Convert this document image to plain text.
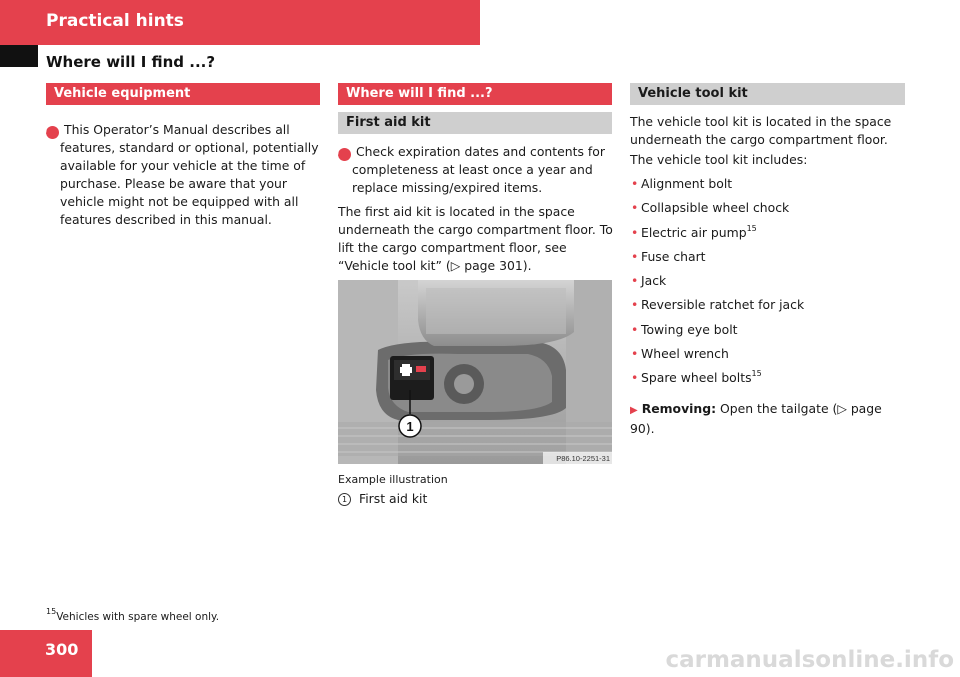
Practical hints
Where will I find ...?
Vehicle equipment

i This Operator’s Manual describes all features, standard or optional, potentially available for your vehicle at the time of purchase. Please be aware that your vehicle might not be equipped with all features described in this manual.

Where will I find ...?
First aid kit

i Check expiration dates and contents for completeness at least once a year and replace missing/expired items.

The first aid kit is located in the space underneath the cargo compartment floor. To lift the cargo compartment floor, see “Vehicle tool kit” (▷ page 301).

1
P86.10-2251-31
Example illustration
1 First aid kit
Vehicle tool kit

The vehicle tool kit is located in the space underneath the cargo compartment floor.

The vehicle tool kit includes:

• Alignment bolt
• Collapsible wheel chock
• Electric air pump$^{15}$
• Fuse chart
• Jack
• Reversible ratchet for jack
• Towing eye bolt
• Wheel wrench
• Spare wheel bolts$^{15}$
▶ Removing: Open the tailgate (▷ page 90).
$^{15}$Vehicles with spare wheel only.
300	carmanualsonline.info
